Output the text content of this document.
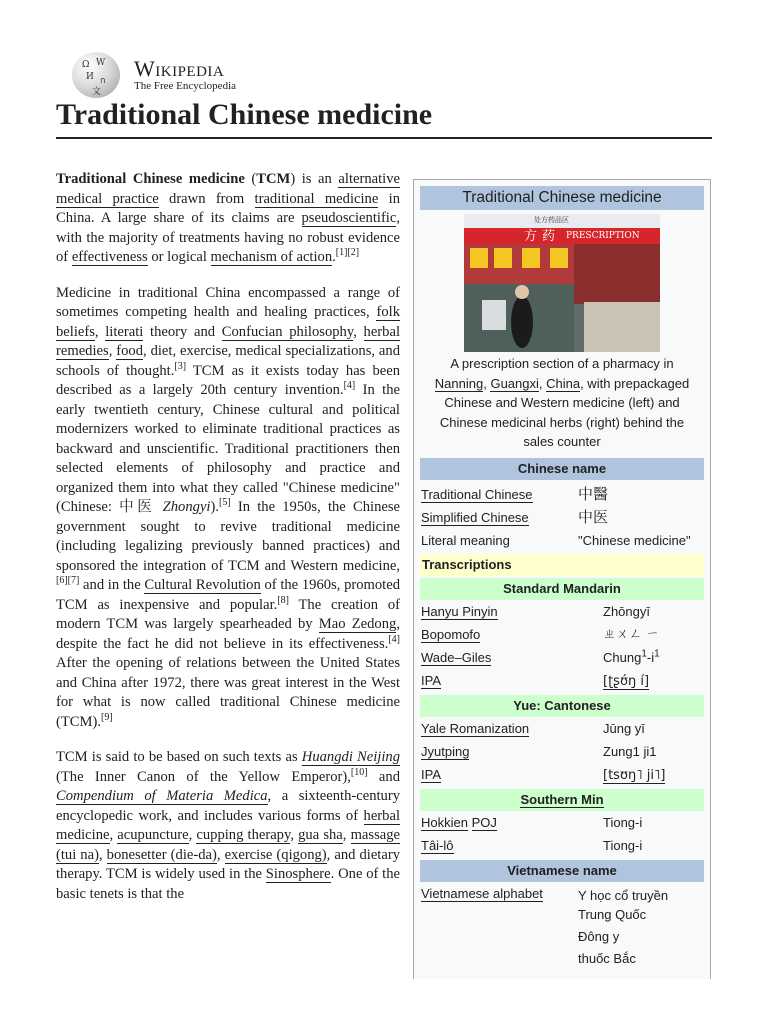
Ω W
И ก
文
Wikipedia
The Free Encyclopedia
Traditional Chinese medicine

Traditional Chinese medicine (TCM) is an alternative medical practice drawn from traditional medicine in China. A large share of its claims are pseudoscientific, with the majority of treatments having no robust evidence of effectiveness or logical mechanism of action.[1][2]

Medicine in traditional China encompassed a range of sometimes competing health and healing practices, folk beliefs, literati theory and Confucian philosophy, herbal remedies, food, diet, exercise, medical specializations, and schools of thought.[3] TCM as it exists today has been described as a largely 20th century invention.[4] In the early twentieth century, Chinese cultural and political modernizers worked to eliminate traditional practices as backward and unscientific. Traditional practitioners then selected elements of philosophy and practice and organized them into what they called "Chinese medicine" (Chinese: 中医 Zhongyi).[5] In the 1950s, the Chinese government sought to revive traditional medicine (including legalizing previously banned practices) and sponsored the integration of TCM and Western medicine,[6][7] and in the Cultural Revolution of the 1960s, promoted TCM as inexpensive and popular.[8] The creation of modern TCM was largely spearheaded by Mao Zedong, despite the fact he did not believe in its effectiveness.[4] After the opening of relations between the United States and China after 1972, there was great interest in the West for what is now called traditional Chinese medicine (TCM).[9]

TCM is said to be based on such texts as Huangdi Neijing (The Inner Canon of the Yellow Emperor),[10] and Compendium of Materia Medica, a sixteenth-century encyclopedic work, and includes various forms of herbal medicine, acupuncture, cupping therapy, gua sha, massage (tui na), bonesetter (die-da), exercise (qigong), and dietary therapy. TCM is widely used in the Sinosphere. One of the basic tenets is that the

Traditional Chinese medicine
处方药品区
方 药 PRESCRIPTION
A prescription section of a pharmacy in Nanning, Guangxi, China, with prepackaged Chinese and Western medicine (left) and Chinese medicinal herbs (right) behind the sales counter
Chinese name
Traditional Chinese	中醫
Simplified Chinese	中医
Literal meaning	"Chinese medicine"
Transcriptions
Standard Mandarin
Hanyu Pinyin	Zhōngyī
Bopomofo	ㄓㄨㄥ ㄧ
Wade–Giles	$Chung^1-i^1$
IPA	[ʈʂʊ́ŋ í]
Yue: Cantonese
Yale Romanization	Jūng yī
Jyutping	Zung1 ji1
IPA	[tsʊŋ˥ ji˥]
Southern Min
Hokkien POJ	Tiong-i
Tâi-lô	Tiong-i
Vietnamese name
Vietnamese alphabet	Y học cổ truyền Trung Quốc
Đông y
thuốc Bắc
